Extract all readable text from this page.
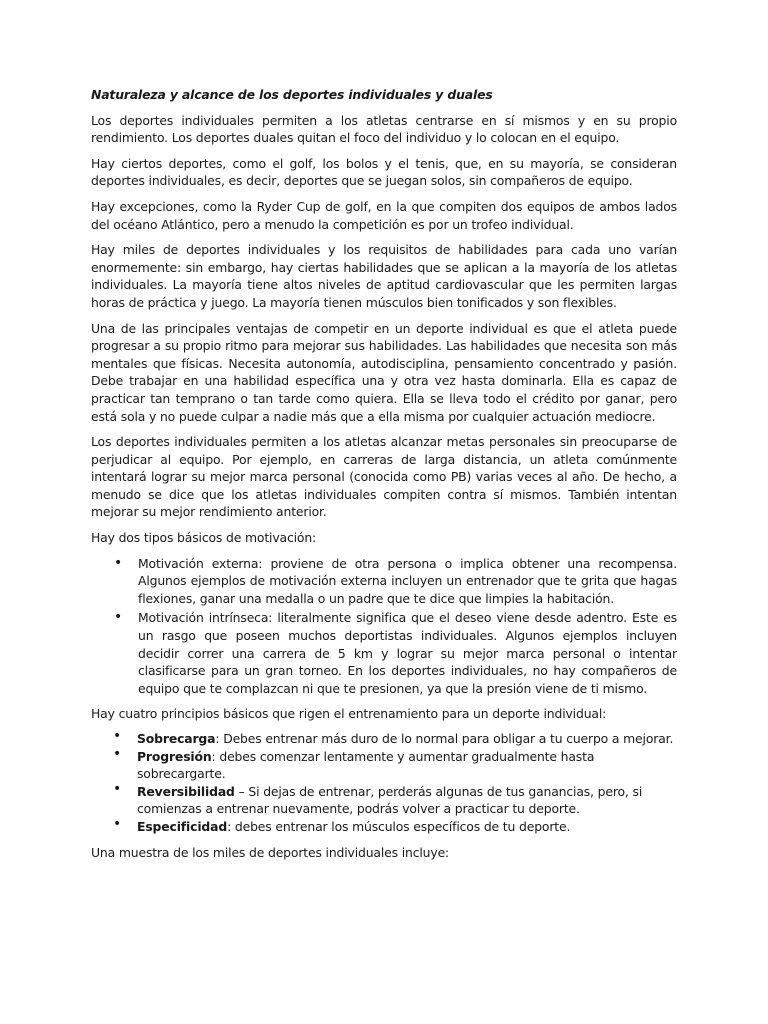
Naturaleza y alcance de los deportes individuales y duales

Los deportes individuales permiten a los atletas centrarse en sí mismos y en su propio rendimiento. Los deportes duales quitan el foco del individuo y lo colocan en el equipo.

Hay ciertos deportes, como el golf, los bolos y el tenis, que, en su mayoría, se consideran deportes individuales, es decir, deportes que se juegan solos, sin compañeros de equipo.

Hay excepciones, como la Ryder Cup de golf, en la que compiten dos equipos de ambos lados del océano Atlántico, pero a menudo la competición es por un trofeo individual.

Hay miles de deportes individuales y los requisitos de habilidades para cada uno varían enormemente: sin embargo, hay ciertas habilidades que se aplican a la mayoría de los atletas individuales. La mayoría tiene altos niveles de aptitud cardiovascular que les permiten largas horas de práctica y juego. La mayoría tienen músculos bien tonificados y son flexibles.

Una de las principales ventajas de competir en un deporte individual es que el atleta puede progresar a su propio ritmo para mejorar sus habilidades. Las habilidades que necesita son más mentales que físicas. Necesita autonomía, autodisciplina, pensamiento concentrado y pasión. Debe trabajar en una habilidad específica una y otra vez hasta dominarla. Ella es capaz de practicar tan temprano o tan tarde como quiera. Ella se lleva todo el crédito por ganar, pero está sola y no puede culpar a nadie más que a ella misma por cualquier actuación mediocre.

Los deportes individuales permiten a los atletas alcanzar metas personales sin preocuparse de perjudicar al equipo. Por ejemplo, en carreras de larga distancia, un atleta comúnmente intentará lograr su mejor marca personal (conocida como PB) varias veces al año. De hecho, a menudo se dice que los atletas individuales compiten contra sí mismos. También intentan mejorar su mejor rendimiento anterior.

Hay dos tipos básicos de motivación:

• Motivación externa: proviene de otra persona o implica obtener una recompensa. Algunos ejemplos de motivación externa incluyen un entrenador que te grita que hagas flexiones, ganar una medalla o un padre que te dice que limpies la habitación.
• Motivación intrínseca: literalmente significa que el deseo viene desde adentro. Este es un rasgo que poseen muchos deportistas individuales. Algunos ejemplos incluyen decidir correr una carrera de 5 km y lograr su mejor marca personal o intentar clasificarse para un gran torneo. En los deportes individuales, no hay compañeros de equipo que te complazcan ni que te presionen, ya que la presión viene de ti mismo.

Hay cuatro principios básicos que rigen el entrenamiento para un deporte individual:

• Sobrecarga: Debes entrenar más duro de lo normal para obligar a tu cuerpo a mejorar.
• Progresión: debes comenzar lentamente y aumentar gradualmente hasta sobrecargarte.
• Reversibilidad – Si dejas de entrenar, perderás algunas de tus ganancias, pero, si comienzas a entrenar nuevamente, podrás volver a practicar tu deporte.
• Especificidad: debes entrenar los músculos específicos de tu deporte.

Una muestra de los miles de deportes individuales incluye:
